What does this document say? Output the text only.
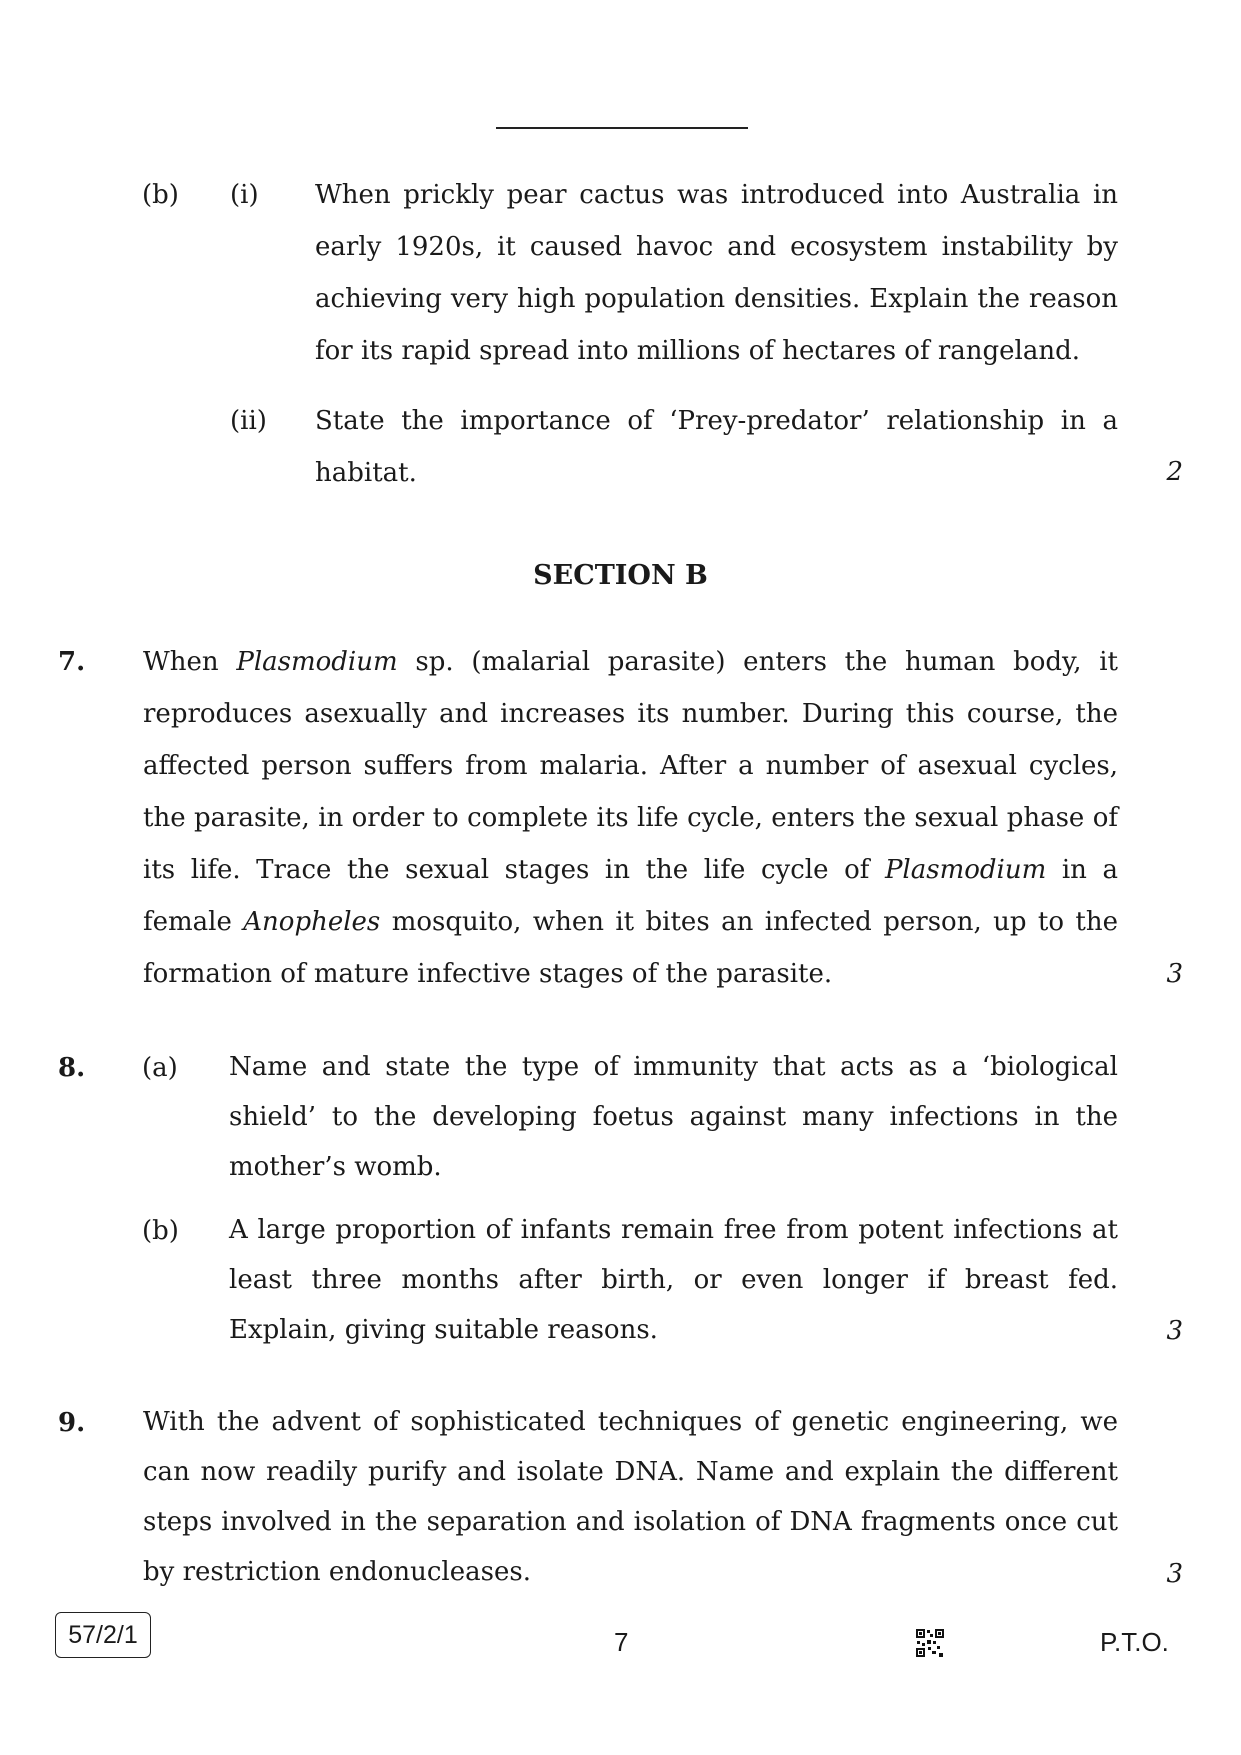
(b) (i) When prickly pear cactus was introduced into Australia in early 1920s, it caused havoc and ecosystem instability by achieving very high population densities. Explain the reason for its rapid spread into millions of hectares of rangeland.

(ii) State the importance of ‘Prey-predator’ relationship in a habitat.	2
SECTION B
7. When Plasmodium sp. (malarial parasite) enters the human body, it reproduces asexually and increases its number. During this course, the affected person suffers from malaria. After a number of asexual cycles, the parasite, in order to complete its life cycle, enters the sexual phase of its life. Trace the sexual stages in the life cycle of Plasmodium in a female Anopheles mosquito, when it bites an infected person, up to the formation of mature infective stages of the parasite.	3
8. (a) Name and state the type of immunity that acts as a ‘biological shield’ to the developing foetus against many infections in the mother’s womb.

(b) A large proportion of infants remain free from potent infections at least three months after birth, or even longer if breast fed. Explain, giving suitable reasons.	3
9. With the advent of sophisticated techniques of genetic engineering, we can now readily purify and isolate DNA. Name and explain the different steps involved in the separation and isolation of DNA fragments once cut by restriction endonucleases.	3
57/2/1	7	P.T.O.
